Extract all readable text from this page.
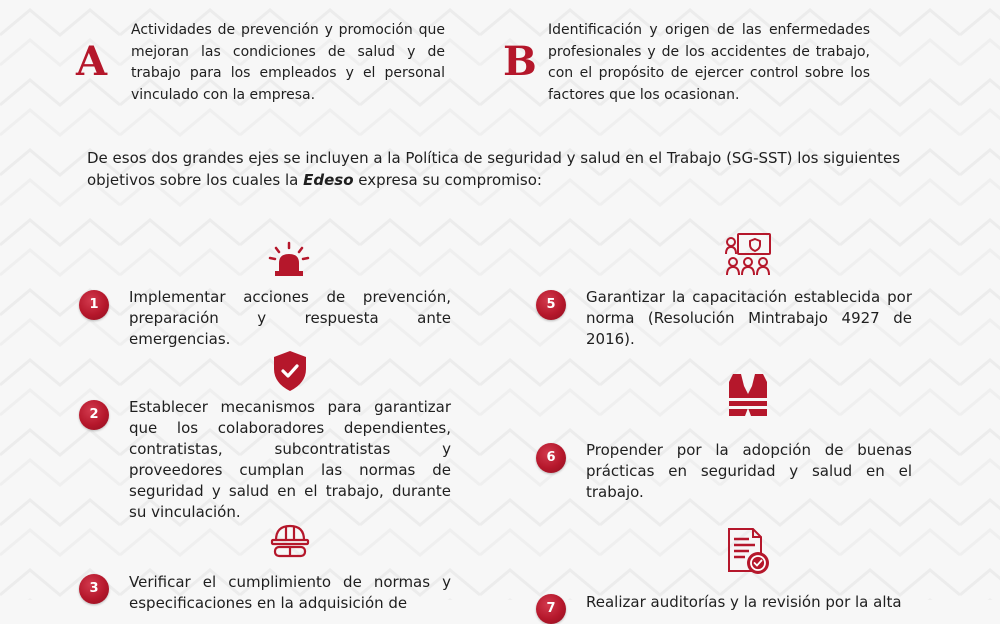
A
Actividades de prevención y promoción que mejoran las condiciones de salud y de trabajo para los empleados y el personal vinculado con la empresa.
B
Identificación y origen de las enfermedades profesionales y de los accidentes de trabajo, con el propósito de ejercer control sobre los factores que los ocasionan.
De esos dos grandes ejes se incluyen a la Política de seguridad y salud en el Trabajo (SG-SST) los siguientes objetivos sobre los cuales la Edeso expresa su compromiso:
1	Implementar acciones de prevención, preparación y respuesta ante emergencias.
2	Establecer mecanismos para garantizar que los colaboradores dependientes, contratistas, subcontratistas y proveedores cumplan las normas de seguridad y salud en el trabajo, durante su vinculación.
3	Verificar el cumplimiento de normas y especificaciones en la adquisición de
5	Garantizar la capacitación establecida por norma (Resolución Mintrabajo 4927 de 2016).
6	Propender por la adopción de buenas prácticas en seguridad y salud en el trabajo.
7	Realizar auditorías y la revisión por la alta
